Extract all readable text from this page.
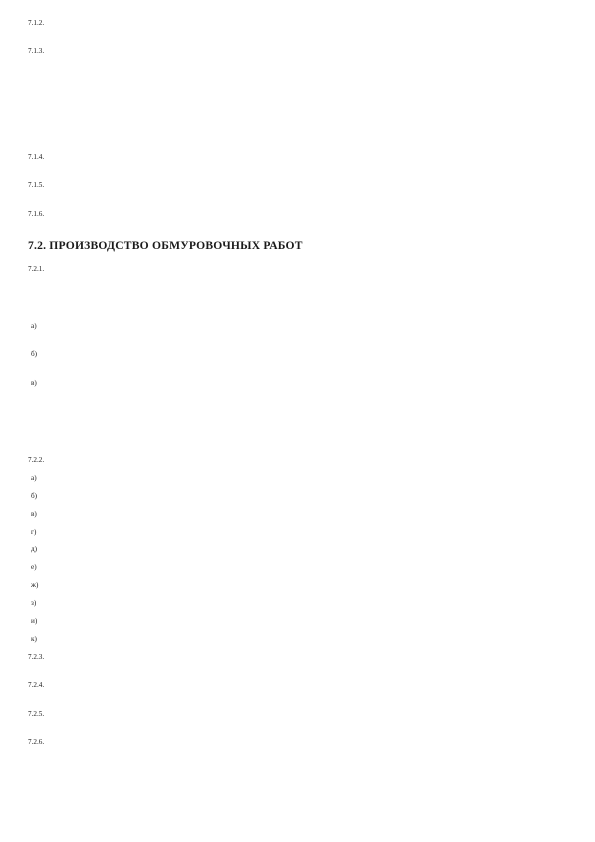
7.1.2.

7.1.3.

7.1.4.

7.1.5.

7.1.6.

7.2. ПРОИЗВОДСТВО ОБМУРОВОЧНЫХ РАБОТ

7.2.1.

а)

б)

в)

7.2.2.

а)

б)

в)

г)

д)

е)

ж)

з)

и)

к)

7.2.3.

7.2.4.

7.2.5.

7.2.6.
